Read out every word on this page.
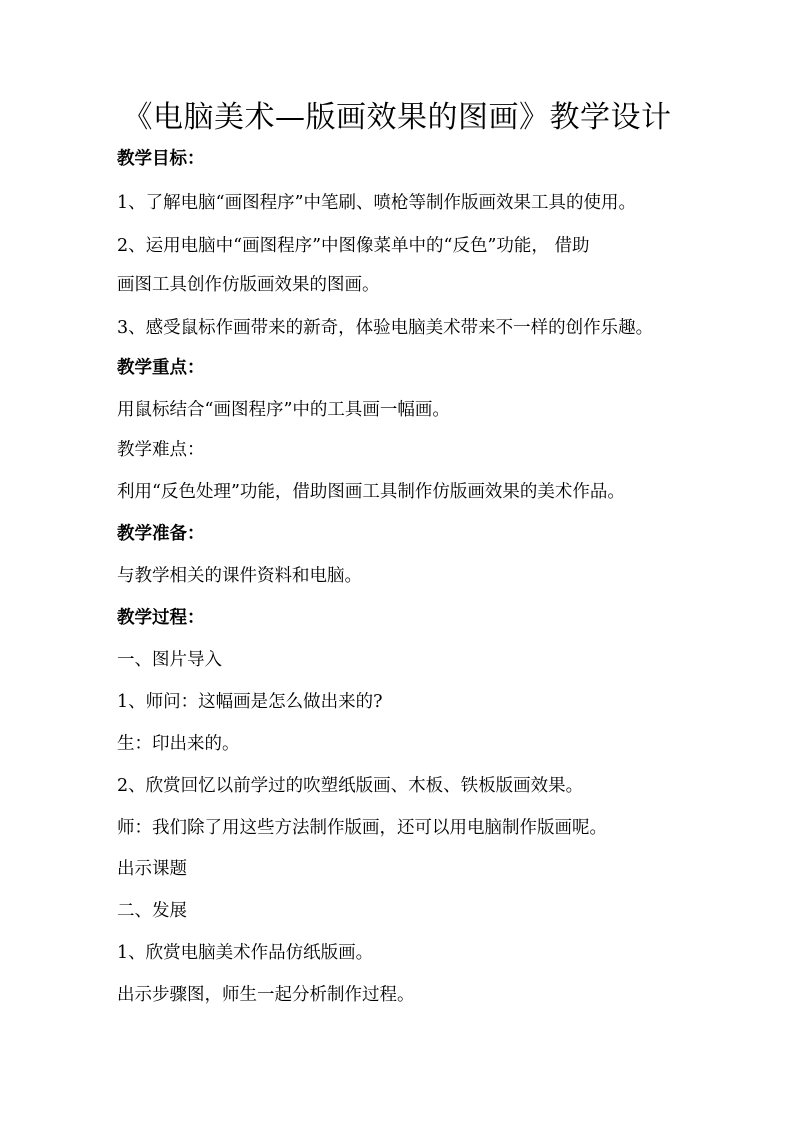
《电脑美术—版画效果的图画》教学设计
教学目标：
1、了解电脑“画图程序”中笔刷、喷枪等制作版画效果工具的使用。
2、运用电脑中“画图程序”中图像菜单中的“反色”功能， 借助
画图工具创作仿版画效果的图画。
3、感受鼠标作画带来的新奇，体验电脑美术带来不一样的创作乐趣。
教学重点：
用鼠标结合“画图程序”中的工具画一幅画。
教学难点：
利用“反色处理”功能，借助图画工具制作仿版画效果的美术作品。
教学准备：
与教学相关的课件资料和电脑。
教学过程：
一、图片导入
1、师问：这幅画是怎么做出来的?
生：印出来的。
2、欣赏回忆以前学过的吹塑纸版画、木板、铁板版画效果。
师：我们除了用这些方法制作版画，还可以用电脑制作版画呢。
出示课题
二、发展
1、欣赏电脑美术作品仿纸版画。
出示步骤图，师生一起分析制作过程。
